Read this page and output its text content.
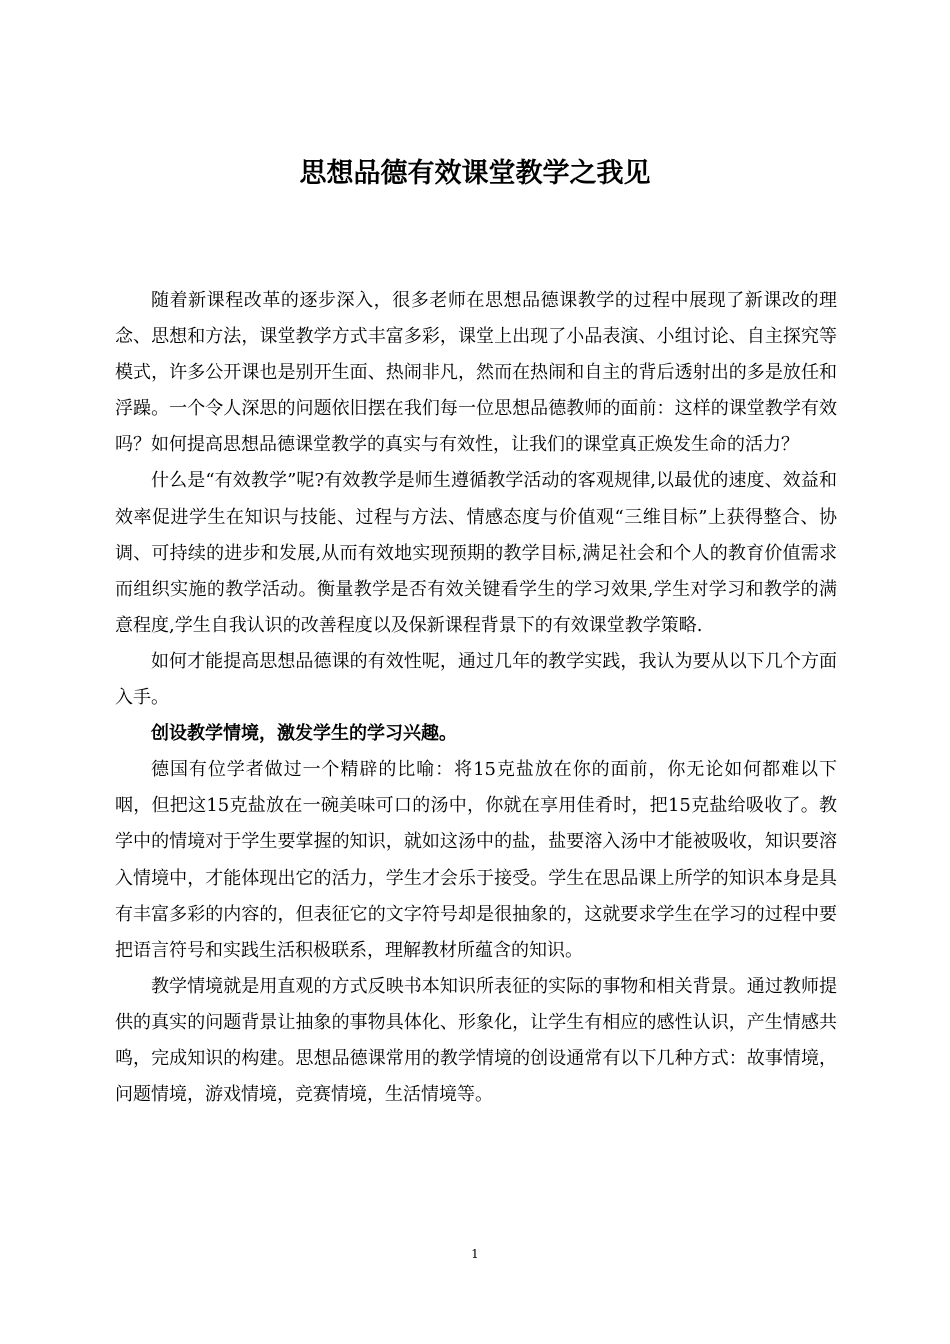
思想品德有效课堂教学之我见

随着新课程改革的逐步深入，很多老师在思想品德课教学的过程中展现了新课改的理念、思想和方法，课堂教学方式丰富多彩，课堂上出现了小品表演、小组讨论、自主探究等模式，许多公开课也是别开生面、热闹非凡，然而在热闹和自主的背后透射出的多是放任和浮躁。一个令人深思的问题依旧摆在我们每一位思想品德教师的面前：这样的课堂教学有效吗？如何提高思想品德课堂教学的真实与有效性，让我们的课堂真正焕发生命的活力？

什么是“有效教学”呢?有效教学是师生遵循教学活动的客观规律,以最优的速度、效益和效率促进学生在知识与技能、过程与方法、情感态度与价值观“三维目标”上获得整合、协调、可持续的进步和发展,从而有效地实现预期的教学目标,满足社会和个人的教育价值需求而组织实施的教学活动。衡量教学是否有效关键看学生的学习效果,学生对学习和教学的满意程度,学生自我认识的改善程度以及保新课程背景下的有效课堂教学策略.

如何才能提高思想品德课的有效性呢，通过几年的教学实践，我认为要从以下几个方面入手。

创设教学情境，激发学生的学习兴趣。

德国有位学者做过一个精辟的比喻：将15克盐放在你的面前，你无论如何都难以下咽，但把这15克盐放在一碗美味可口的汤中，你就在享用佳肴时，把15克盐给吸收了。教学中的情境对于学生要掌握的知识，就如这汤中的盐，盐要溶入汤中才能被吸收，知识要溶入情境中，才能体现出它的活力，学生才会乐于接受。学生在思品课上所学的知识本身是具有丰富多彩的内容的，但表征它的文字符号却是很抽象的，这就要求学生在学习的过程中要把语言符号和实践生活积极联系，理解教材所蕴含的知识。

教学情境就是用直观的方式反映书本知识所表征的实际的事物和相关背景。通过教师提供的真实的问题背景让抽象的事物具体化、形象化，让学生有相应的感性认识，产生情感共鸣，完成知识的构建。思想品德课常用的教学情境的创设通常有以下几种方式：故事情境，问题情境，游戏情境，竞赛情境，生活情境等。

1
